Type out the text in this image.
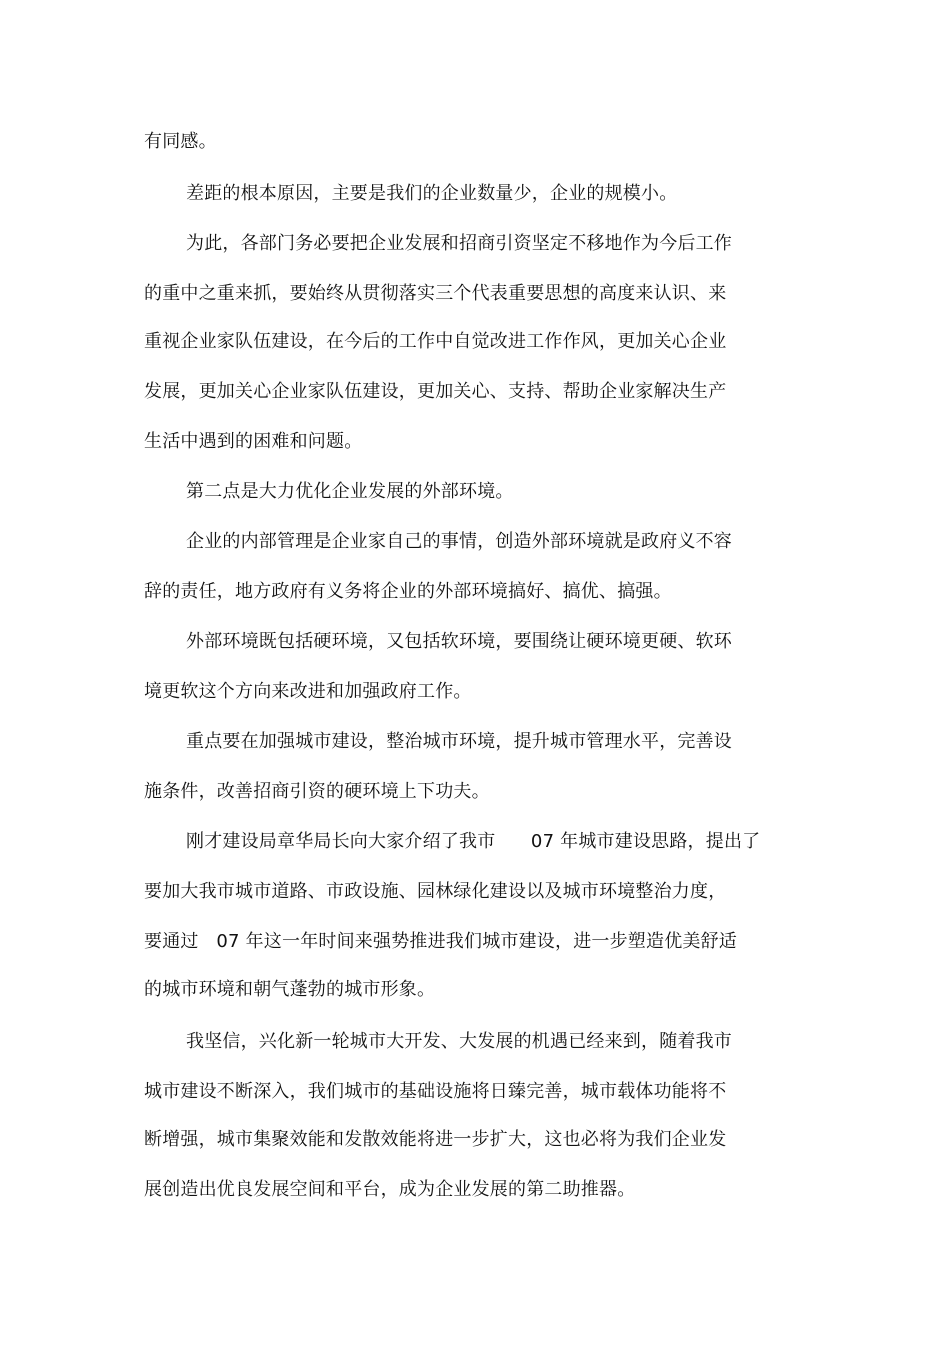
有同感。
差距的根本原因，主要是我们的企业数量少，企业的规模小。
为此，各部门务必要把企业发展和招商引资坚定不移地作为今后工作
的重中之重来抓，要始终从贯彻落实三个代表重要思想的高度来认识、来
重视企业家队伍建设，在今后的工作中自觉改进工作作风，更加关心企业
发展，更加关心企业家队伍建设，更加关心、支持、帮助企业家解决生产
生活中遇到的困难和问题。
第二点是大力优化企业发展的外部环境。
企业的内部管理是企业家自己的事情，创造外部环境就是政府义不容
辞的责任，地方政府有义务将企业的外部环境搞好、搞优、搞强。
外部环境既包括硬环境，又包括软环境，要围绕让硬环境更硬、软环
境更软这个方向来改进和加强政府工作。
重点要在加强城市建设，整治城市环境，提升城市管理水平，完善设
施条件，改善招商引资的硬环境上下功夫。
刚才建设局章华局长向大家介绍了我市      07 年城市建设思路，提出了
要加大我市城市道路、市政设施、园林绿化建设以及城市环境整治力度，
要通过   07 年这一年时间来强势推进我们城市建设，进一步塑造优美舒适
的城市环境和朝气蓬勃的城市形象。
我坚信，兴化新一轮城市大开发、大发展的机遇已经来到，随着我市
城市建设不断深入，我们城市的基础设施将日臻完善，城市载体功能将不
断增强，城市集聚效能和发散效能将进一步扩大，这也必将为我们企业发
展创造出优良发展空间和平台，成为企业发展的第二助推器。
